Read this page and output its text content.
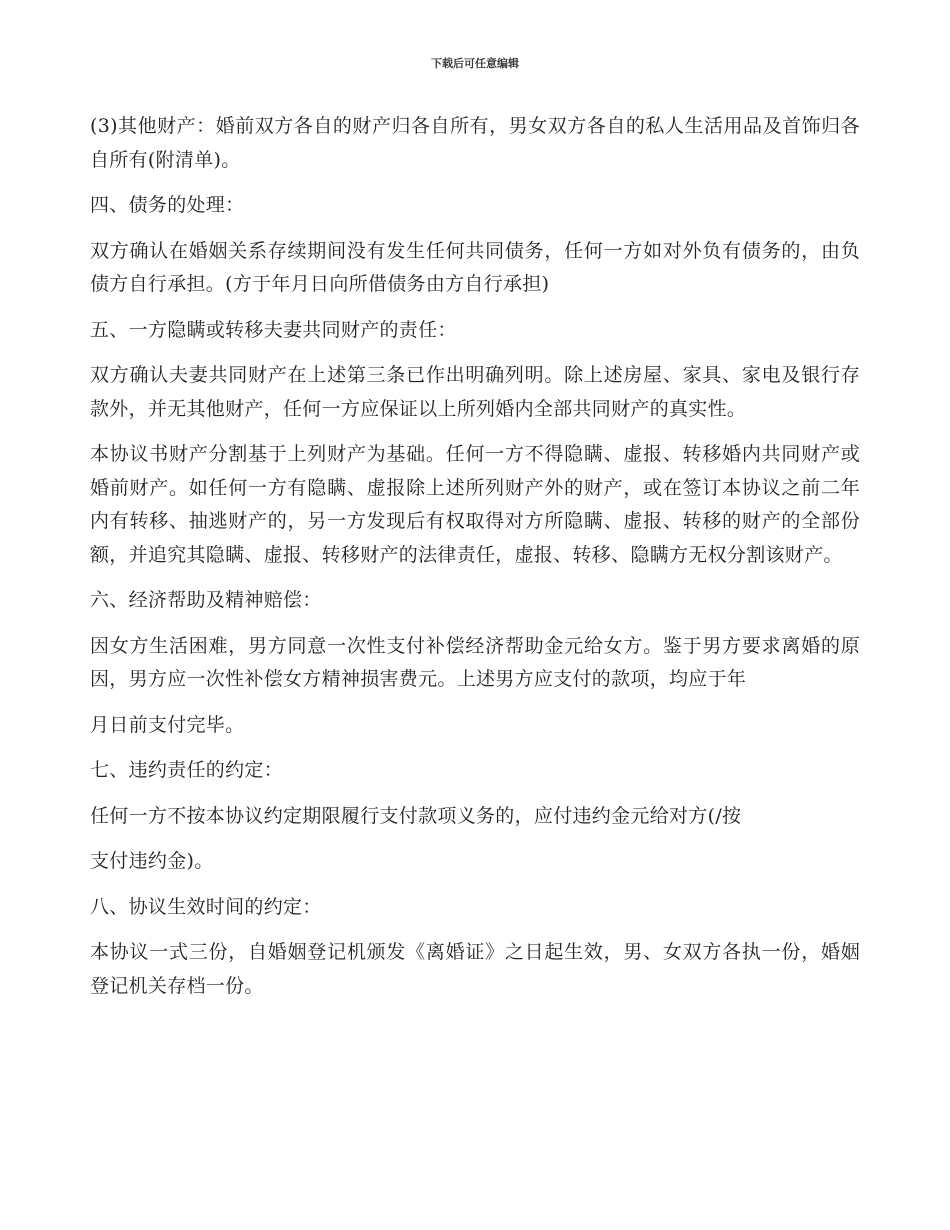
下载后可任意编辑

(3)其他财产：婚前双方各自的财产归各自所有，男女双方各自的私人生活用品及首饰归各自所有(附清单)。

四、债务的处理：

双方确认在婚姻关系存续期间没有发生任何共同债务，任何一方如对外负有债务的，由负债方自行承担。(方于年月日向所借债务由方自行承担)

五、一方隐瞒或转移夫妻共同财产的责任：

双方确认夫妻共同财产在上述第三条已作出明确列明。除上述房屋、家具、家电及银行存款外，并无其他财产，任何一方应保证以上所列婚内全部共同财产的真实性。

本协议书财产分割基于上列财产为基础。任何一方不得隐瞒、虚报、转移婚内共同财产或婚前财产。如任何一方有隐瞒、虚报除上述所列财产外的财产，或在签订本协议之前二年内有转移、抽逃财产的，另一方发现后有权取得对方所隐瞒、虚报、转移的财产的全部份额，并追究其隐瞒、虚报、转移财产的法律责任，虚报、转移、隐瞒方无权分割该财产。

六、经济帮助及精神赔偿：

因女方生活困难，男方同意一次性支付补偿经济帮助金元给女方。鉴于男方要求离婚的原因，男方应一次性补偿女方精神损害费元。上述男方应支付的款项，均应于年

月日前支付完毕。

七、违约责任的约定：

任何一方不按本协议约定期限履行支付款项义务的，应付违约金元给对方(/按

支付违约金)。

八、协议生效时间的约定：

本协议一式三份，自婚姻登记机颁发《离婚证》之日起生效，男、女双方各执一份，婚姻登记机关存档一份。
